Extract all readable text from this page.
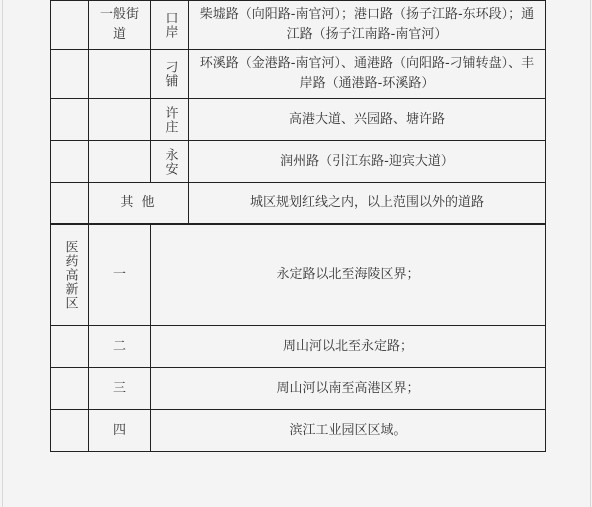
	一般街道	口岸	柴墟路（向阳路-南官河）；港口路（扬子江路-东环段）；通江路（扬子江南路-南官河）

		刁铺	环溪路（金港路-南官河）、通港路（向阳路-刁铺转盘）、丰岸路（通港路-环溪路）

		许庄	高港大道、兴园路、塘许路

		永安	润州路（引江东路-迎宾大道）
	其 他		城区规划红线之内，以上范围以外的道路
医药高新区	一	永定路以北至海陵区界；
	二	周山河以北至永定路；
	三	周山河以南至高港区界；
	四	滨江工业园区区域。
